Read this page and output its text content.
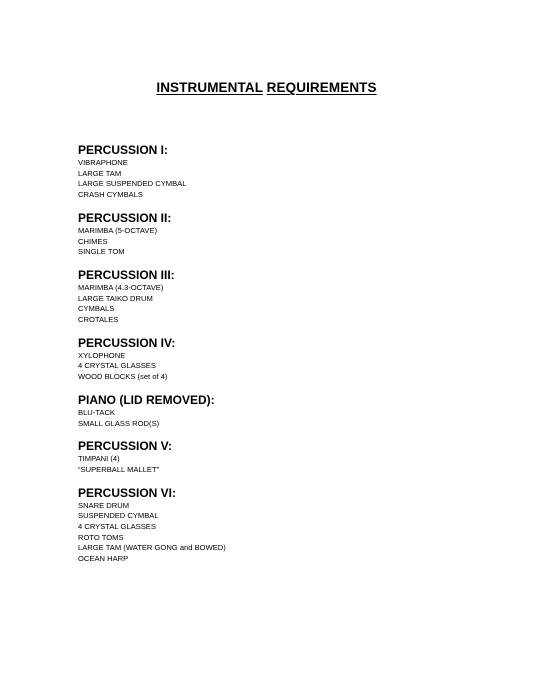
INSTRUMENTAL REQUIREMENTS
PERCUSSION I:
VIBRAPHONE
LARGE TAM
LARGE SUSPENDED CYMBAL
CRASH CYMBALS
PERCUSSION II:
MARIMBA (5-OCTAVE)
CHIMES
SINGLE TOM
PERCUSSION III:
MARIMBA (4.3-OCTAVE)
LARGE TAIKO DRUM
CYMBALS
CROTALES
PERCUSSION IV:
XYLOPHONE
4 CRYSTAL GLASSES
WOOD BLOCKS (set of 4)
PIANO (LID REMOVED):
BLU-TACK
SMALL GLASS ROD(S)
PERCUSSION V:
TIMPANI (4)
“SUPERBALL MALLET”
PERCUSSION VI:
SNARE DRUM
SUSPENDED CYMBAL
4 CRYSTAL GLASSES
ROTO TOMS
LARGE TAM (WATER GONG and BOWED)
OCEAN HARP
